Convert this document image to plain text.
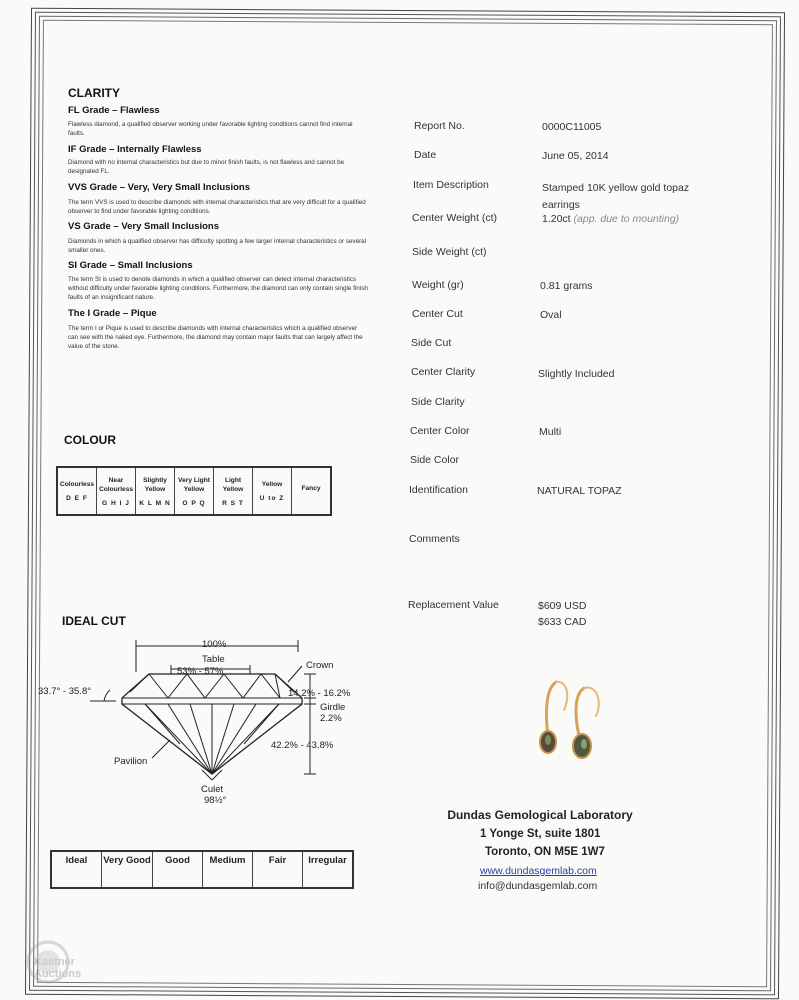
CLARITY
FL Grade – Flawless
Flawless diamond, a qualified observer working under favorable lighting conditions cannot find internal faults.
IF Grade – Internally Flawless
Diamond with no internal characteristics but due to minor finish faults, is not flawless and cannot be designated FL.
VVS Grade – Very, Very Small Inclusions
The term VVS is used to describe diamonds with internal characteristics that are very difficult for a qualified observer to find under favorable lighting conditions.
VS Grade – Very Small Inclusions
Diamonds in which a qualified observer has difficulty spotting a few larger internal characteristics or several smaller ones.
SI Grade – Small Inclusions
The term SI is used to denote diamonds in which a qualified observer can detect internal characteristics without difficulty under favorable lighting conditions. Furthermore, the diamond can only contain single finish faults of an insignificant nature.
The I Grade – Pique
The term I or Pique is used to describe diamonds with internal characteristics which a qualified observer can see with the naked eye. Furthermore, the diamond may contain major faults that can largely affect the value of the stone.
COLOUR
Colourless
D E F

Near Colourless
G H I J

Slightly Yellow
K L M N

Very Light Yellow
O P Q

Light Yellow
R S T

Yellow
U to Z

Fancy
IDEAL CUT
100%
Table
53% - 57%
Crown
33.7° - 35.8°	14.2% - 16.2%
Girdle
2.2%
42.2% - 43.8%
Pavilion
Culet
98½°
Ideal	Very Good	Good	Medium	Fair	Irregular
Report No.	0000C11005
Date	June 05, 2014
Item Description	Stamped 10K yellow gold topaz earrings
Center Weight (ct)	1.20ct (app. due to mounting)
Side Weight (ct)
Weight (gr)	0.81 grams
Center Cut	Oval
Side Cut
Center Clarity	Slightly Included
Side Clarity
Center Color	Multi
Side Color
Identification	NATURAL TOPAZ
Comments
Replacement Value	$609 USD
$633 CAD
Dundas Gemological Laboratory
1 Yonge St, suite 1801
Toronto, ON M5E 1W7
www.dundasgemlab.com
info@dundasgemlab.com
Kastner Auctions
